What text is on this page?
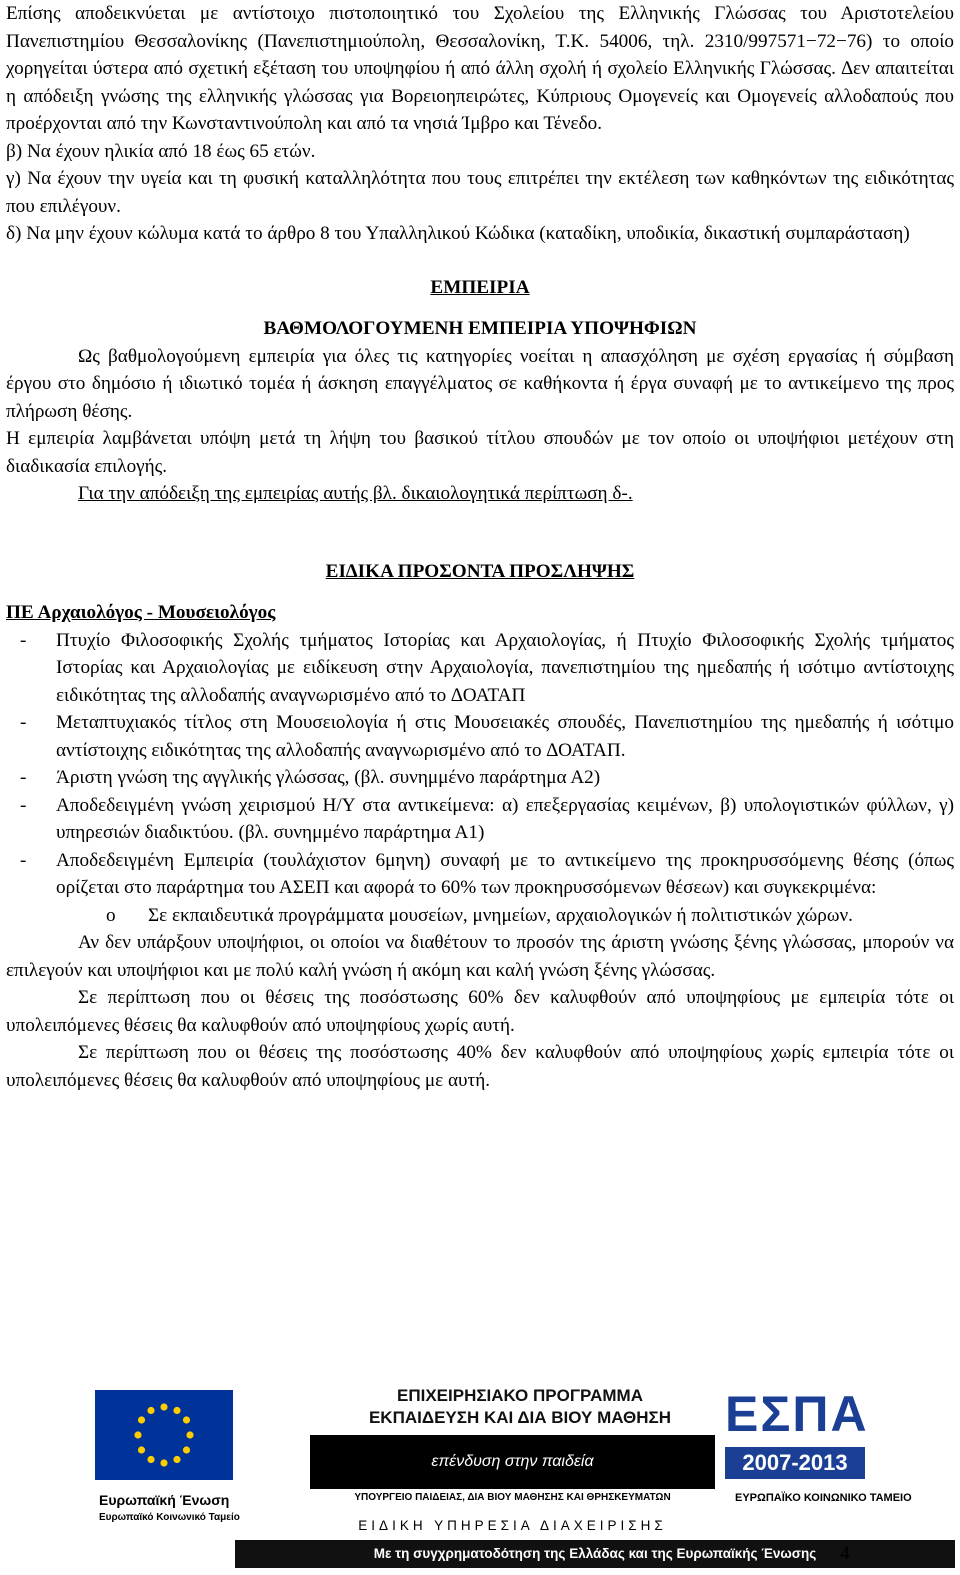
Επίσης αποδεικνύεται με αντίστοιχο πιστοποιητικό του Σχολείου της Ελληνικής Γλώσσας του Αριστοτελείου Πανεπιστημίου Θεσσαλονίκης (Πανεπιστημιούπολη, Θεσσαλονίκη, Τ.Κ. 54006, τηλ. 2310/997571−72−76) το οποίο χορηγείται ύστερα από σχετική εξέταση του υποψηφίου ή από άλλη σχολή ή σχολείο Ελληνικής Γλώσσας. ∆εν απαιτείται η απόδειξη γνώσης της ελληνικής γλώσσας για Βορειοηπειρώτες, Κύπριους Ομογενείς και Ομογενείς αλλοδαπούς που προέρχονται από την Κωνσταντινούπολη και από τα νησιά Ίμβρο και Τένεδο.

β) Να έχουν ηλικία από 18 έως 65 ετών.

γ) Να έχουν την υγεία και τη φυσική καταλληλότητα που τους επιτρέπει την εκτέλεση των καθηκόντων της ειδικότητας που επιλέγουν.

δ) Να μην έχουν κώλυμα κατά το άρθρο 8 του Υπαλληλικού Κώδικα (καταδίκη, υποδικία, δικαστική συμπαράσταση)

ΕΜΠΕΙΡΙΑ

ΒΑΘΜΟΛΟΓΟΥΜΕΝΗ ΕΜΠΕΙΡΙΑ ΥΠΟΨΗΦΙΩΝ

Ως βαθμολογούμενη εμπειρία για όλες τις κατηγορίες νοείται η απασχόληση με σχέση εργασίας ή σύμβαση έργου στο δημόσιο ή ιδιωτικό τομέα ή άσκηση επαγγέλματος σε καθήκοντα ή έργα συναφή με το αντικείμενο της προς πλήρωση θέσης.

Η εμπειρία λαμβάνεται υπόψη μετά τη λήψη του βασικού τίτλου σπουδών με τον οποίο οι υποψήφιοι μετέχουν στη διαδικασία επιλογής.

Για την απόδειξη της εμπειρίας αυτής βλ. δικαιολογητικά περίπτωση δ-.

ΕΙ∆ΙΚΑ ΠΡΟΣΟΝΤΑ ΠΡΟΣΛΗΨΗΣ

ΠΕ Αρχαιολόγος - Μουσειολόγος

- Πτυχίο Φιλοσοφικής Σχολής τμήματος Ιστορίας και Αρχαιολογίας, ή Πτυχίο Φιλοσοφικής Σχολής τμήματος Ιστορίας και Αρχαιολογίας με ειδίκευση στην Αρχαιολογία, πανεπιστημίου της ημεδαπής ή ισότιμο αντίστοιχης ειδικότητας της αλλοδαπής αναγνωρισμένο από το ∆ΟΑΤΑΠ
- Μεταπτυχιακός τίτλος στη Μουσειολογία ή στις Μουσειακές σπουδές, Πανεπιστημίου της ημεδαπής ή ισότιμο αντίστοιχης ειδικότητας της αλλοδαπής αναγνωρισμένο από το ∆ΟΑΤΑΠ.
- Άριστη γνώση της αγγλικής γλώσσας, (βλ. συνημμένο παράρτημα Α2)
- Αποδεδειγμένη γνώση χειρισμού Η/Υ στα αντικείμενα: α) επεξεργασίας κειμένων, β) υπολογιστικών φύλλων, γ) υπηρεσιών διαδικτύου. (βλ. συνημμένο παράρτημα Α1)
- Αποδεδειγμένη Εμπειρία (τουλάχιστον 6μηνη) συναφή με το αντικείμενο της προκηρυσσόμενης θέσης (όπως ορίζεται στο παράρτημα του ΑΣΕΠ και αφορά το 60% των προκηρυσσόμενων θέσεων) και συγκεκριμένα:
o Σε εκπαιδευτικά προγράμματα μουσείων, μνημείων, αρχαιολογικών ή πολιτιστικών χώρων.

Αν δεν υπάρξουν υποψήφιοι, οι οποίοι να διαθέτουν το προσόν της άριστη γνώσης ξένης γλώσσας, μπορούν να επιλεγούν και υποψήφιοι και με πολύ καλή γνώση ή ακόμη και καλή γνώση ξένης γλώσσας.

Σε περίπτωση που οι θέσεις της ποσόστωσης 60% δεν καλυφθούν από υποψηφίους με εμπειρία τότε οι υπολειπόμενες θέσεις θα καλυφθούν από υποψηφίους χωρίς αυτή.

Σε περίπτωση που οι θέσεις της ποσόστωσης 40% δεν καλυφθούν από υποψηφίους χωρίς εμπειρία τότε οι υπολειπόμενες θέσεις θα καλυφθούν από υποψηφίους με αυτή.

Ευρωπαϊκή Ένωση
Ευρωπαϊκό Κοινωνικό Ταμείο
ΕΠΙΧΕΙΡΗΣΙΑΚΟ ΠΡΟΓΡΑΜΜΑ
ΕΚΠΑΙΔΕΥΣΗ ΚΑΙ ΔΙΑ ΒΙΟΥ ΜΑΘΗΣΗ
επένδυση στην παιδεία
ΥΠΟΥΡΓΕΙΟ ΠΑΙΔΕΙΑΣ, ΔΙΑ ΒΙΟΥ ΜΑΘΗΣΗΣ ΚΑΙ ΘΡΗΣΚΕΥΜΑΤΩΝ
ΕΙΔΙΚΗ ΥΠΗΡΕΣΙΑ ΔΙΑΧΕΙΡΙΣΗΣ
ΕΣΠΑ
2007-2013
ΕΥΡΩΠΑΪΚΟ ΚΟΙΝΩΝΙΚΟ ΤΑΜΕΙΟ
Με τη συγχρηματοδότηση της Ελλάδας και της Ευρωπαϊκής Ένωσης	4
